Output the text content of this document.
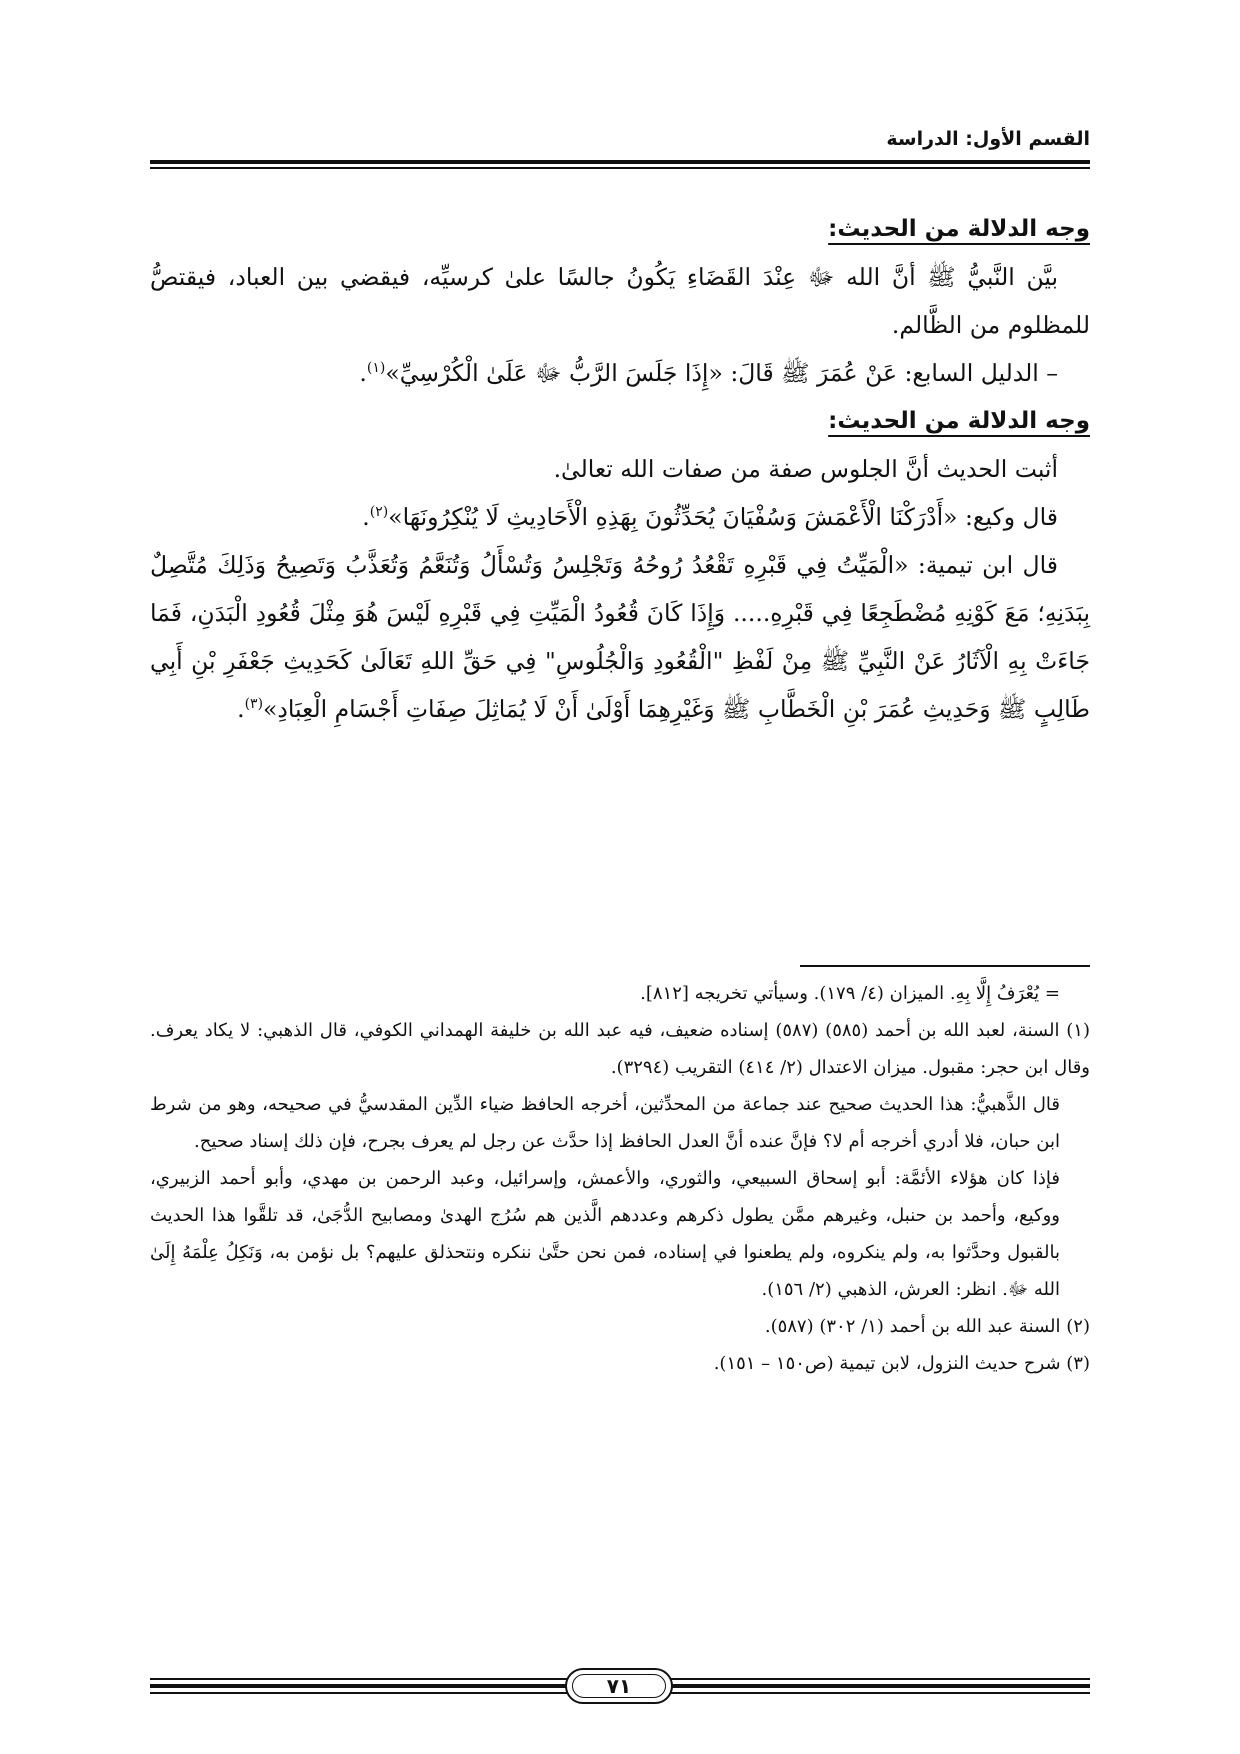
القسم الأول: الدراسة

وجه الدلالة من الحديث:

بيَّن النَّبيُّ ﷺ أنَّ الله ﷻ عِنْدَ القَضَاءِ يَكُونُ جالسًا علىٰ كرسيِّه، فيقضي بين العباد، فيقتصُّ للمظلوم من الظَّالم.

– الدليل السابع: عَنْ عُمَرَ ﷺ قَالَ: «إِذَا جَلَسَ الرَّبُّ ﷻ عَلَىٰ الْكُرْسِيِّ»$^{(١)}$.

وجه الدلالة من الحديث:

أثبت الحديث أنَّ الجلوس صفة من صفات الله تعالىٰ.

قال وكيع: «أَدْرَكْنَا الْأَعْمَشَ وَسُفْيَانَ يُحَدِّثُونَ بِهَذِهِ الْأَحَادِيثِ لَا يُنْكِرُونَهَا»$^{(٢)}$.

قال ابن تيمية: «الْمَيِّتُ فِي قَبْرِهِ تَقْعُدُ رُوحُهُ وَتَجْلِسُ وَتُسْأَلُ وَتُنَعَّمُ وَتُعَذَّبُ وَتَصِيحُ وَذَلِكَ مُتَّصِلٌ بِبَدَنِهِ؛ مَعَ كَوْنِهِ مُضْطَجِعًا فِي قَبْرِهِ..... وَإِذَا كَانَ قُعُودُ الْمَيِّتِ فِي قَبْرِهِ لَيْسَ هُوَ مِثْلَ قُعُودِ الْبَدَنِ، فَمَا جَاءَتْ بِهِ الْآثَارُ عَنْ النَّبِيِّ ﷺ مِنْ لَفْظِ "الْقُعُودِ وَالْجُلُوسِ" فِي حَقِّ اللهِ تَعَالَىٰ كَحَدِيثِ جَعْفَرِ بْنِ أَبِي طَالِبٍ ﷺ وَحَدِيثِ عُمَرَ بْنِ الْخَطَّابِ ﷺ وَغَيْرِهِمَا أَوْلَىٰ أَنْ لَا يُمَاثِلَ صِفَاتِ أَجْسَامِ الْعِبَادِ»$^{(٣)}$.

= يُعْرَفُ إِلَّا بِهِ. الميزان (٤/ ١٧٩). وسيأتي تخريجه [٨١٢].

(١) السنة، لعبد الله بن أحمد (٥٨٥) (٥٨٧) إسناده ضعيف، فيه عبد الله بن خليفة الهمداني الكوفي، قال الذهبي: لا يكاد يعرف. وقال ابن حجر: مقبول. ميزان الاعتدال (٢/ ٤١٤) التقريب (٣٢٩٤).

قال الذَّهبيُّ: هذا الحديث صحيح عند جماعة من المحدِّثين، أخرجه الحافظ ضياء الدِّين المقدسيُّ في صحيحه، وهو من شرط ابن حبان، فلا أدري أخرجه أم لا؟ فإنَّ عنده أنَّ العدل الحافظ إذا حدَّث عن رجل لم يعرف بجرح، فإن ذلك إسناد صحيح.

فإذا كان هؤلاء الأئمَّة: أبو إسحاق السبيعي، والثوري، والأعمش، وإسرائيل، وعبد الرحمن بن مهدي، وأبو أحمد الزبيري، ووكيع، وأحمد بن حنبل، وغيرهم ممَّن يطول ذكرهم وعددهم الَّذين هم سُرُج الهدىٰ ومصابيح الدُّجَىٰ، قد تلقَّوا هذا الحديث بالقبول وحدَّثوا به، ولم ينكروه، ولم يطعنوا في إسناده، فمن نحن حتَّىٰ ننكره ونتحذلق عليهم؟ بل نؤمن به، وَنَكِلُ عِلْمَهُ إِلَىٰ الله ﷻ. انظر: العرش، الذهبي (٢/ ١٥٦).

(٢) السنة عبد الله بن أحمد (١/ ٣٠٢) (٥٨٧).

(٣) شرح حديث النزول، لابن تيمية (ص١٥٠ – ١٥١).

٧١
